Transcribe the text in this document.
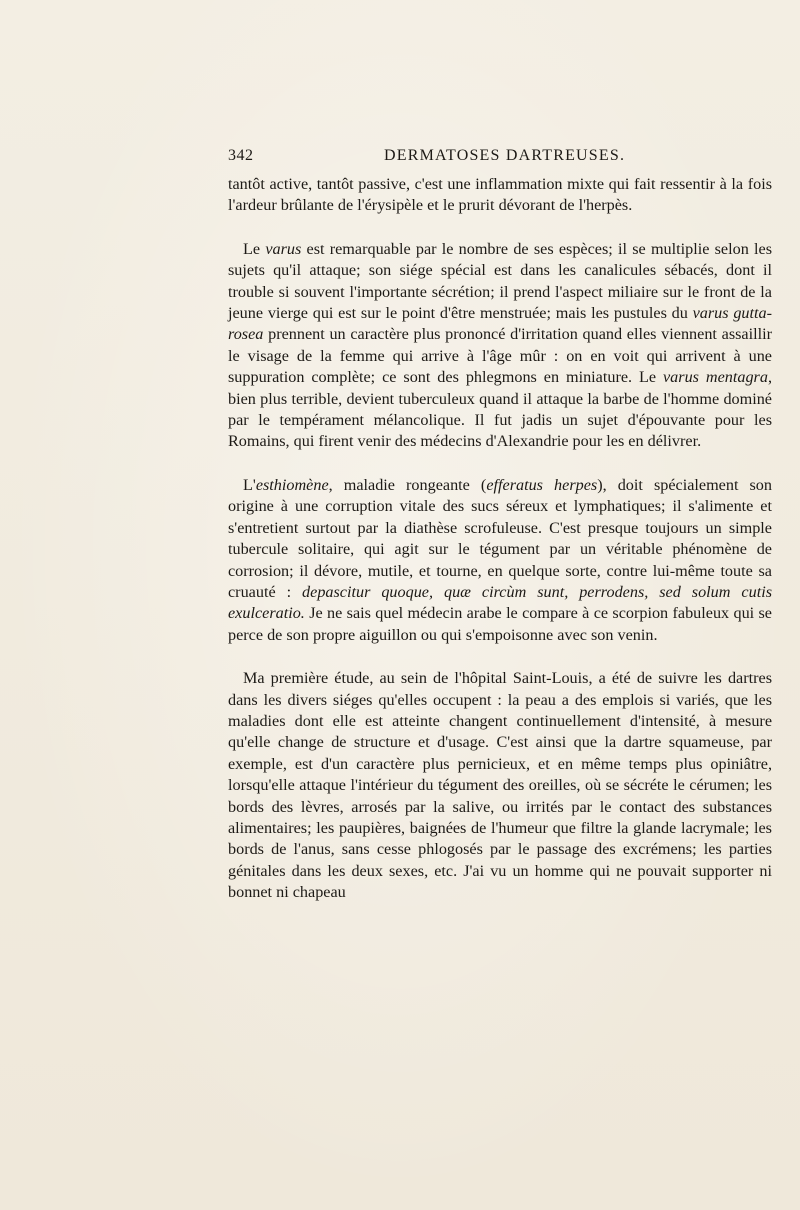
342	DERMATOSES DARTREUSES.

tantôt active, tantôt passive, c'est une inflammation mixte qui fait ressentir à la fois l'ardeur brûlante de l'érysipèle et le prurit dévorant de l'herpès.

Le varus est remarquable par le nombre de ses espèces; il se multiplie selon les sujets qu'il attaque; son siége spécial est dans les canalicules sébacés, dont il trouble si souvent l'importante sécrétion; il prend l'aspect miliaire sur le front de la jeune vierge qui est sur le point d'être menstruée; mais les pustules du varus gutta-rosea prennent un caractère plus prononcé d'irritation quand elles viennent assaillir le visage de la femme qui arrive à l'âge mûr : on en voit qui arrivent à une suppuration complète; ce sont des phlegmons en miniature. Le varus mentagra, bien plus terrible, devient tuberculeux quand il attaque la barbe de l'homme dominé par le tempérament mélancolique. Il fut jadis un sujet d'épouvante pour les Romains, qui firent venir des médecins d'Alexandrie pour les en délivrer.

L'esthiomène, maladie rongeante (efferatus herpes), doit spécialement son origine à une corruption vitale des sucs séreux et lymphatiques; il s'alimente et s'entretient surtout par la diathèse scrofuleuse. C'est presque toujours un simple tubercule solitaire, qui agit sur le tégument par un véritable phénomène de corrosion; il dévore, mutile, et tourne, en quelque sorte, contre lui-même toute sa cruauté : depascitur quoque, quæ circùm sunt, perrodens, sed solum cutis exulceratio. Je ne sais quel médecin arabe le compare à ce scorpion fabuleux qui se perce de son propre aiguillon ou qui s'empoisonne avec son venin.

Ma première étude, au sein de l'hôpital Saint-Louis, a été de suivre les dartres dans les divers siéges qu'elles occupent : la peau a des emplois si variés, que les maladies dont elle est atteinte changent continuellement d'intensité, à mesure qu'elle change de structure et d'usage. C'est ainsi que la dartre squameuse, par exemple, est d'un caractère plus pernicieux, et en même temps plus opiniâtre, lorsqu'elle attaque l'intérieur du tégument des oreilles, où se sécréte le cérumen; les bords des lèvres, arrosés par la salive, ou irrités par le contact des substances alimentaires; les paupières, baignées de l'humeur que filtre la glande lacrymale; les bords de l'anus, sans cesse phlogosés par le passage des excrémens; les parties génitales dans les deux sexes, etc. J'ai vu un homme qui ne pouvait supporter ni bonnet ni chapeau
